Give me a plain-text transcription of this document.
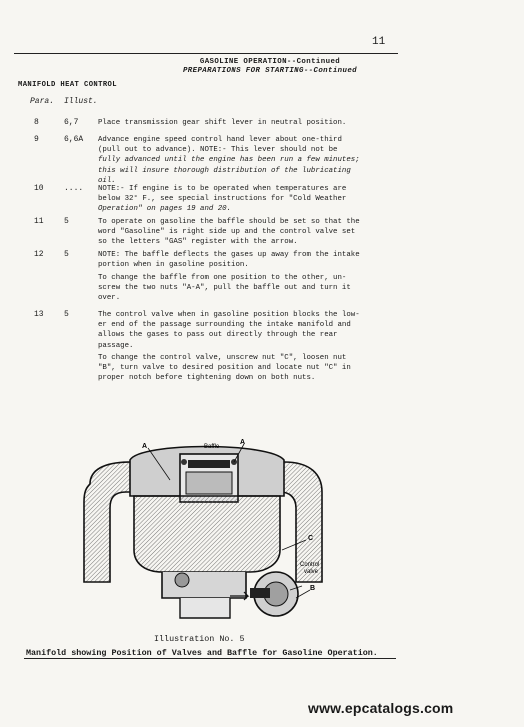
11
GASOLINE OPERATION--Continued
PREPARATIONS FOR STARTING--Continued
MANIFOLD HEAT CONTROL
Para. Illust.
8	6,7	Place transmission gear shift lever in neutral position.
9	6,6A	Advance engine speed control hand lever about one-third
(pull out to advance). NOTE:- This lever should not be
fully advanced until the engine has been run a few minutes;
this will insure thorough distribution of the lubricating
oil.
10	....	NOTE:- If engine is to be operated when temperatures are
below 32° F., see special instructions for "Cold Weather
Operation" on pages 19 and 20.
11	5	To operate on gasoline the baffle should be set so that the
word "Gasoline" is right side up and the control valve set
so the letters "GAS" register with the arrow.
12	5	NOTE: The baffle deflects the gases up away from the intake
portion when in gasoline position.
To change the baffle from one position to the other, un-
screw the two nuts "A-A", pull the baffle out and turn it
over.
13	5	The control valve when in gasoline position blocks the low-
er end of the passage surrounding the intake manifold and
allows the gases to pass out directly through the rear
passage.
To change the control valve, unscrew nut "C", loosen nut
"B", turn valve to desired position and locate nut "C" in
proper notch before tightening down on both nuts.
A	Baffle
A
C
Control
valve
B
Illustration No. 5
Manifold showing Position of Valves and Baffle for Gasoline Operation.
www.epcatalogs.com
